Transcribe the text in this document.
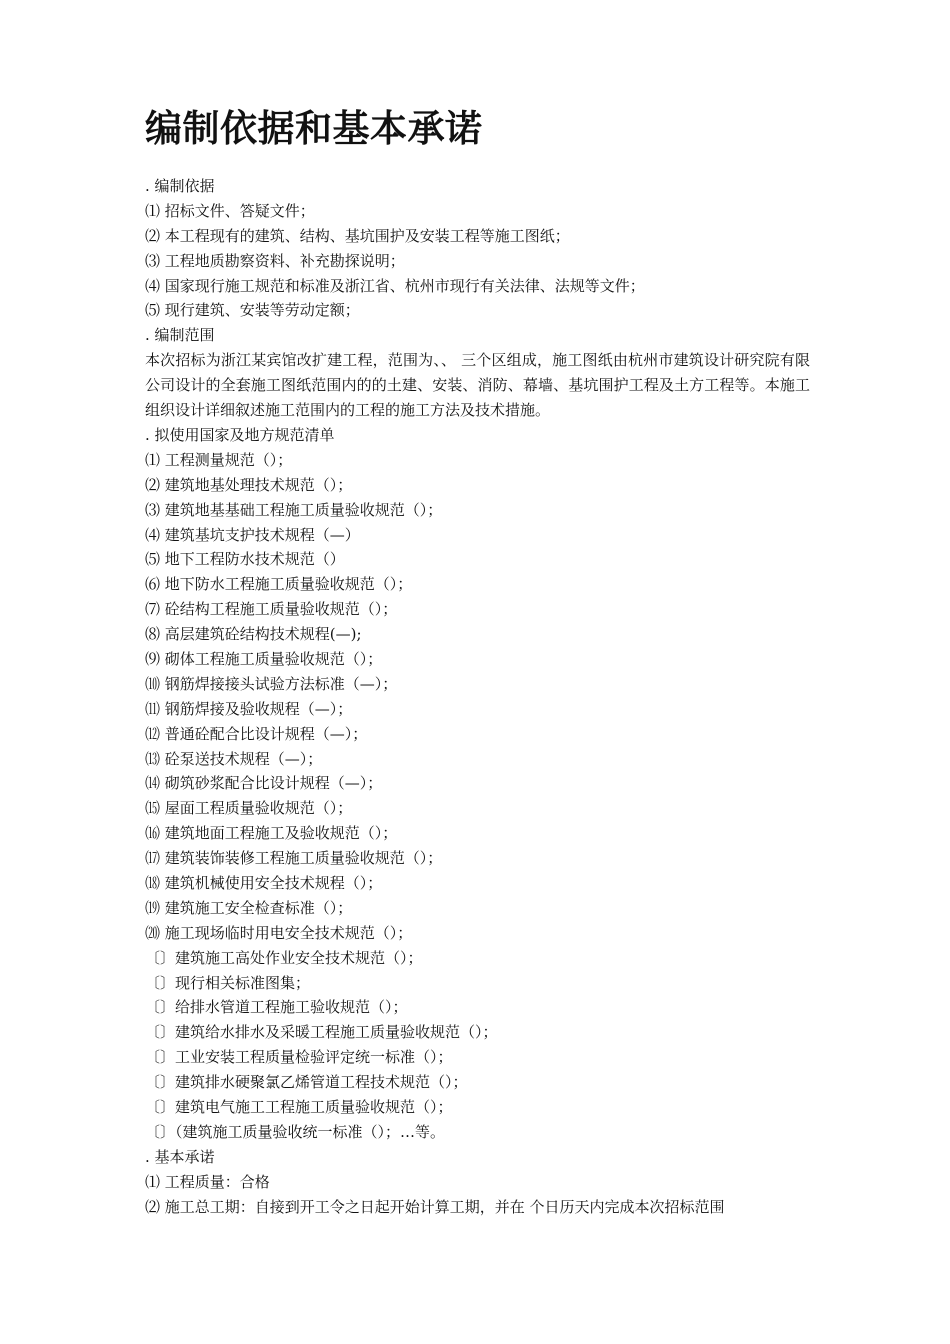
编制依据和基本承诺
. 编制依据
⑴ 招标文件、答疑文件；
⑵ 本工程现有的建筑、结构、基坑围护及安装工程等施工图纸；
⑶ 工程地质勘察资料、补充勘探说明；
⑷ 国家现行施工规范和标准及浙江省、杭州市现行有关法律、法规等文件；
⑸ 现行建筑、安装等劳动定额；
. 编制范围
本次招标为浙江某宾馆改扩建工程，范围为、、 三个区组成，施工图纸由杭州市建筑设计研究院有限公司设计的全套施工图纸范围内的的土建、安装、消防、幕墙、基坑围护工程及土方工程等。本施工组织设计详细叙述施工范围内的工程的施工方法及技术措施。
. 拟使用国家及地方规范清单
⑴ 工程测量规范（）；
⑵ 建筑地基处理技术规范（）；
⑶ 建筑地基基础工程施工质量验收规范（）；
⑷ 建筑基坑支护技术规程（—）
⑸ 地下工程防水技术规范（）
⑹ 地下防水工程施工质量验收规范（）；
⑺ 砼结构工程施工质量验收规范（）；
⑻ 高层建筑砼结构技术规程(—);
⑼ 砌体工程施工质量验收规范（）；
⑽ 钢筋焊接接头试验方法标准（—）；
⑾ 钢筋焊接及验收规程（—）；
⑿ 普通砼配合比设计规程（—）；
⒀ 砼泵送技术规程（—）；
⒁ 砌筑砂浆配合比设计规程（—）；
⒂ 屋面工程质量验收规范（）；
⒃ 建筑地面工程施工及验收规范（）；
⒄ 建筑装饰装修工程施工质量验收规范（）；
⒅ 建筑机械使用安全技术规程（）；
⒆ 建筑施工安全检查标准（）；
⒇ 施工现场临时用电安全技术规范（）；
〔〕建筑施工高处作业安全技术规范（）；
〔〕现行相关标准图集；
〔〕给排水管道工程施工验收规范（）；
〔〕建筑给水排水及采暖工程施工质量验收规范（）；
〔〕工业安装工程质量检验评定统一标准（）；
〔〕建筑排水硬聚氯乙烯管道工程技术规范（）；
〔〕建筑电气施工工程施工质量验收规范（）；
〔〕（建筑施工质量验收统一标准（）；…等。
. 基本承诺
⑴ 工程质量：合格
⑵ 施工总工期：自接到开工令之日起开始计算工期，并在 个日历天内完成本次招标范围
